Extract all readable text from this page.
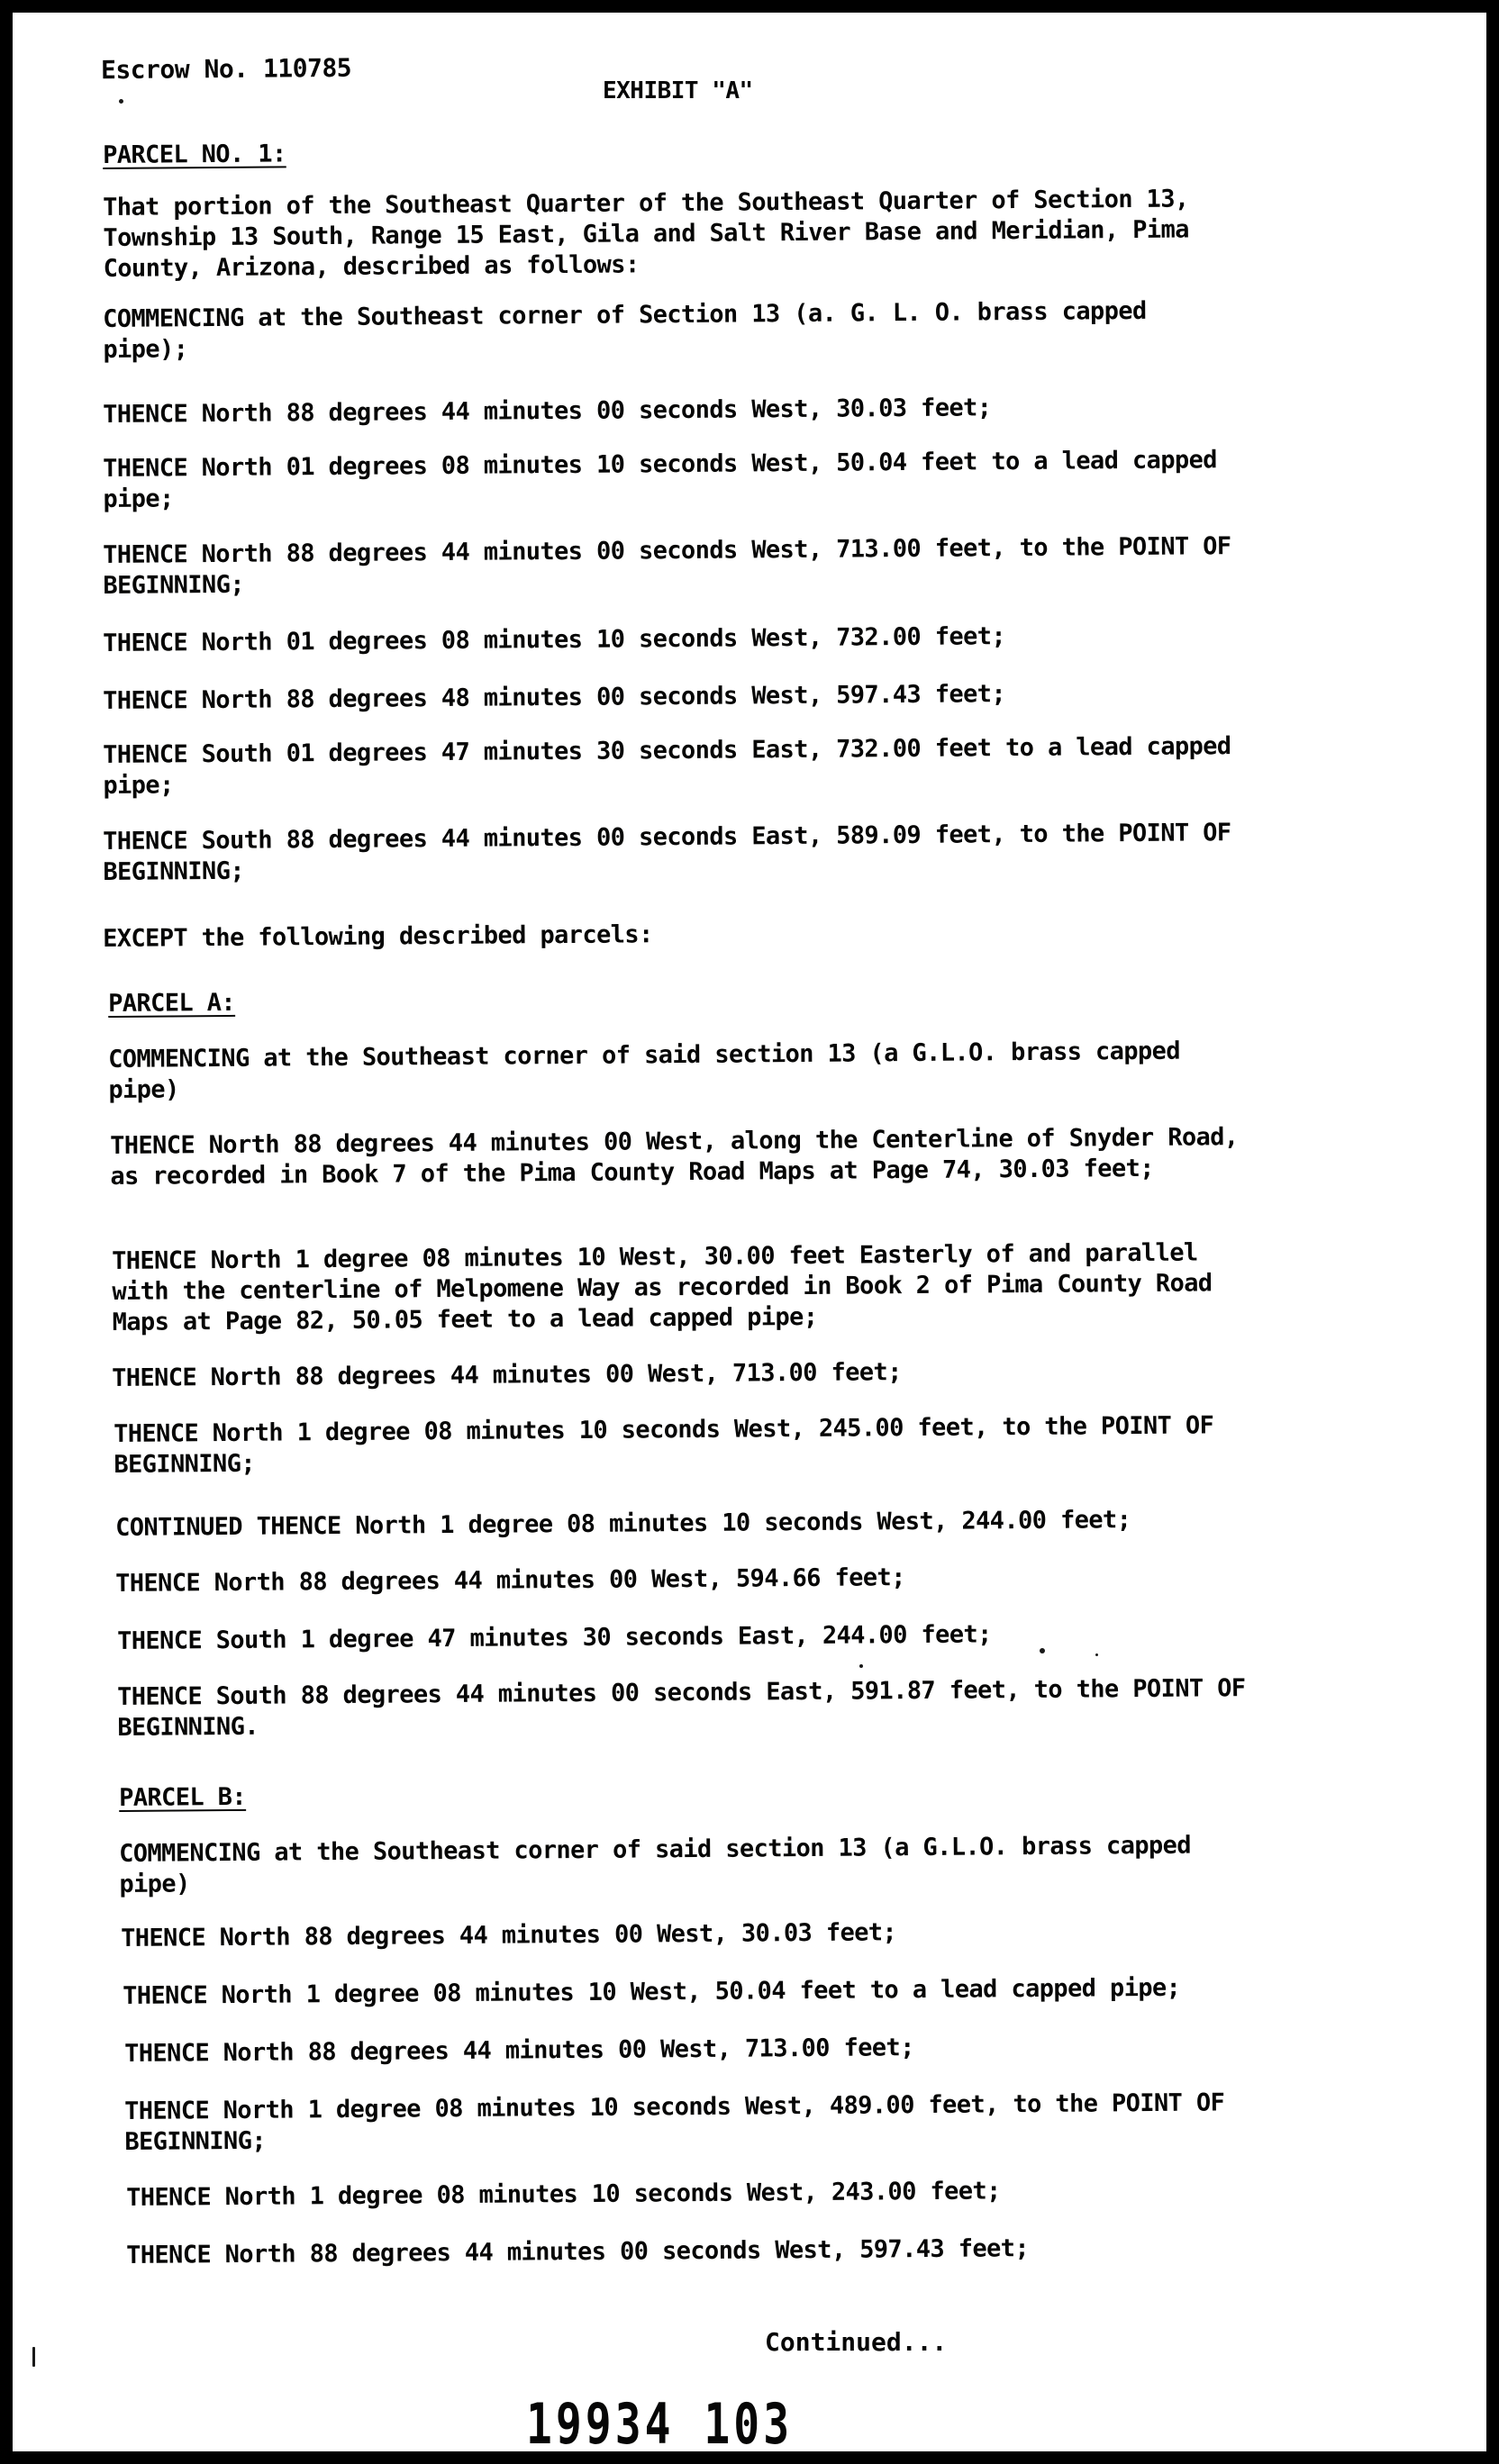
Escrow No. 110785
EXHIBIT "A"
PARCEL NO. 1:
That portion of the Southeast Quarter of the Southeast Quarter of Section 13, Township 13 South, Range 15 East, Gila and Salt River Base and Meridian, Pima County, Arizona, described as follows:
COMMENCING at the Southeast corner of Section 13 (a. G. L. O. brass capped pipe);
THENCE North 88 degrees 44 minutes 00 seconds West, 30.03 feet;
THENCE North 01 degrees 08 minutes 10 seconds West, 50.04 feet to a lead capped pipe;
THENCE North 88 degrees 44 minutes 00 seconds West, 713.00 feet, to the POINT OF BEGINNING;
THENCE North 01 degrees 08 minutes 10 seconds West, 732.00 feet;
THENCE North 88 degrees 48 minutes 00 seconds West, 597.43 feet;
THENCE South 01 degrees 47 minutes 30 seconds East, 732.00 feet to a lead capped pipe;
THENCE South 88 degrees 44 minutes 00 seconds East, 589.09 feet, to the POINT OF BEGINNING;
EXCEPT the following described parcels:
PARCEL A:
COMMENCING at the Southeast corner of said section 13 (a G.L.O. brass capped pipe)
THENCE North 88 degrees 44 minutes 00 West, along the Centerline of Snyder Road, as recorded in Book 7 of the Pima County Road Maps at Page 74, 30.03 feet;
THENCE North 1 degree 08 minutes 10 West, 30.00 feet Easterly of and parallel with the centerline of Melpomene Way as recorded in Book 2 of Pima County Road Maps at Page 82, 50.05 feet to a lead capped pipe;
THENCE North 88 degrees 44 minutes 00 West, 713.00 feet;
THENCE North 1 degree 08 minutes 10 seconds West, 245.00 feet, to the POINT OF BEGINNING;
CONTINUED THENCE North 1 degree 08 minutes 10 seconds West, 244.00 feet;
THENCE North 88 degrees 44 minutes 00 West, 594.66 feet;
THENCE South 1 degree 47 minutes 30 seconds East, 244.00 feet;
THENCE South 88 degrees 44 minutes 00 seconds East, 591.87 feet, to the POINT OF BEGINNING.
PARCEL B:
COMMENCING at the Southeast corner of said section 13 (a G.L.O. brass capped pipe)
THENCE North 88 degrees 44 minutes 00 West, 30.03 feet;
THENCE North 1 degree 08 minutes 10 West, 50.04 feet to a lead capped pipe;
THENCE North 88 degrees 44 minutes 00 West, 713.00 feet;
THENCE North 1 degree 08 minutes 10 seconds West, 489.00 feet, to the POINT OF BEGINNING;
THENCE North 1 degree 08 minutes 10 seconds West, 243.00 feet;
THENCE North 88 degrees 44 minutes 00 seconds West, 597.43 feet;
Continued...
19934 103
